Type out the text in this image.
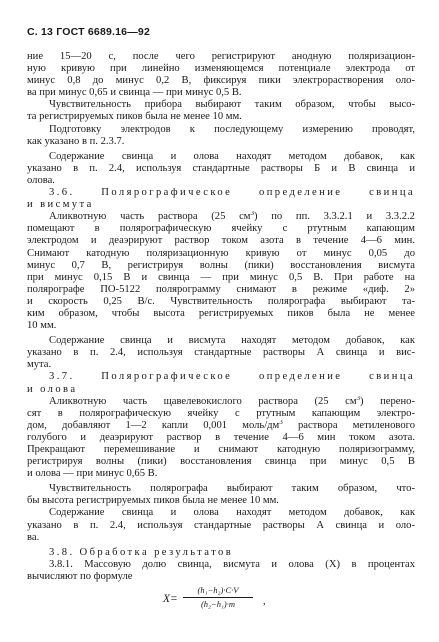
С. 13 ГОСТ 6689.16—92
ние 15—20 с, после чего регистрируют анодную поляризацион-
ную кривую при линейно изменяющемся потенциале электрода от
минус 0,8 до минус 0,2 В, фиксируя пики электрорастворения оло-
ва при минус 0,65 и свинца — при минус 0,5 В.
Чувствительность прибора выбирают таким образом, чтобы высо-
та регистрируемых пиков была не менее 10 мм.
Подготовку электродов к последующему измерению проводят,
как указано в п. 2.3.7.
Содержание свинца и олова находят методом добавок, как
указано в п. 2.4, используя стандартные растворы Б и В свинца и
олова.
3.6. Полярографическое определение свинца
и висмута
Аликвотную часть раствора (25 $см^3$) по пп. 3.3.2.1 и 3.3.2.2
помещают в полярографическую ячейку с ртутным капающим
электродом и деаэрируют раствор током азота в течение 4—6 мин.
Снимают катодную поляризационную кривую от минус 0,05 до
минус 0,7 В, регистрируя волны (пики) восстановления висмута
при минус 0,15 В и свинца — при минус 0,5 В. При работе на
полярографе ПО-5122 полярограмму снимают в режиме «диф. 2»
и скорость 0,25 В/с. Чувствительность полярографа выбирают та-
ким образом, чтобы высота регистрируемых пиков была не менее
10 мм.
Содержание свинца и висмута находят методом добавок, как
указано в п. 2.4, используя стандартные растворы А свинца и вис-
мута.
3.7. Полярографическое определение свинца
и олова
Аликвотную часть щавелевокислого раствора (25 $см^3$) перено-
сят в полярографическую ячейку с ртутным капающим электро-
дом, добавляют 1—2 капли 0,001 моль/$дм^3$ раствора метиленового
голубого и деаэрируют раствор в течение 4—6 мин током азота.
Прекращают перемешивание и снимают катодную поляризограмму,
регистрируя волны (пики) восстановления свинца при минус 0,5 В
и олова — при минус 0,65 В.
Чувствительность полярографа выбирают таким образом, что-
бы высота регистрируемых пиков была не менее 10 мм.
Содержание свинца и олова находят методом добавок, как
указано в п. 2.4, используя стандартные растворы А свинца и оло-
ва.
3.8. Обработка результатов
3.8.1. Массовую долю свинца, висмута и олова (X) в процентах
вычисляют по формуле
X=
(h₁−h₂)·C·V
(h₂−h₁)·m	,
